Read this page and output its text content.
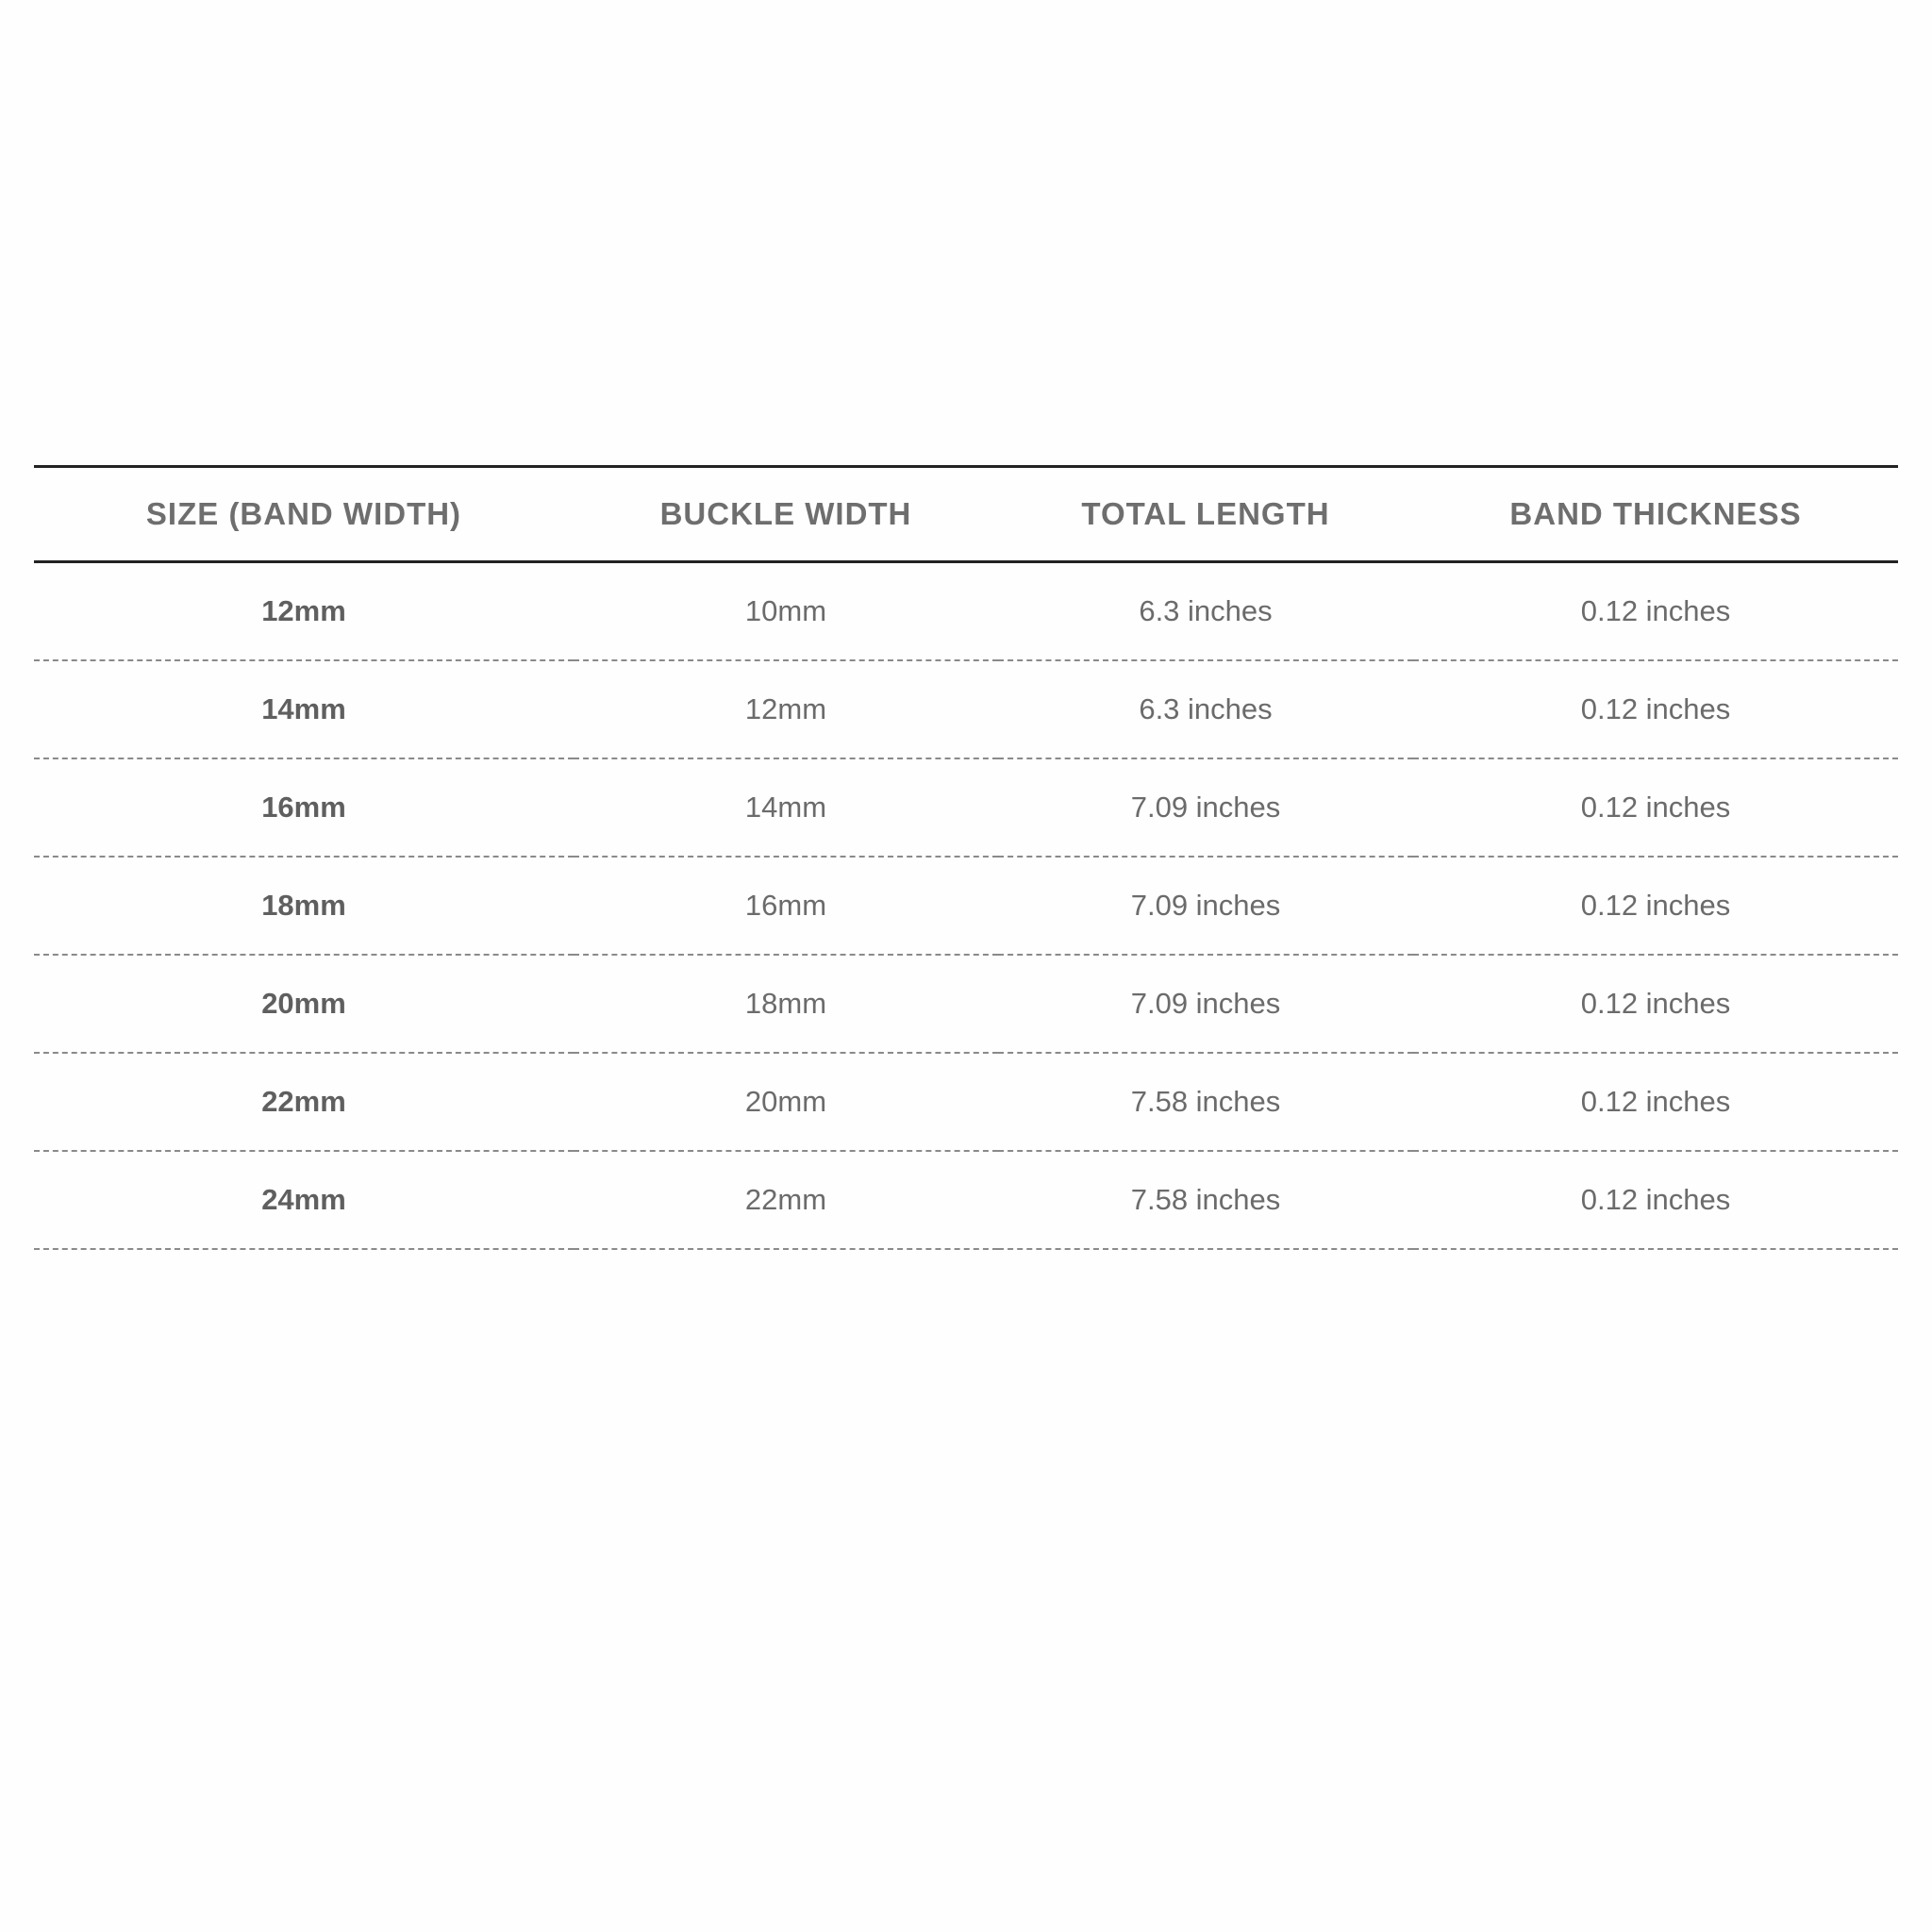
SIZE (BAND WIDTH)	BUCKLE WIDTH	TOTAL LENGTH	BAND THICKNESS
12mm	10mm	6.3 inches	0.12 inches
14mm	12mm	6.3 inches	0.12 inches
16mm	14mm	7.09 inches	0.12 inches
18mm	16mm	7.09 inches	0.12 inches
20mm	18mm	7.09 inches	0.12 inches
22mm	20mm	7.58 inches	0.12 inches
24mm	22mm	7.58 inches	0.12 inches
